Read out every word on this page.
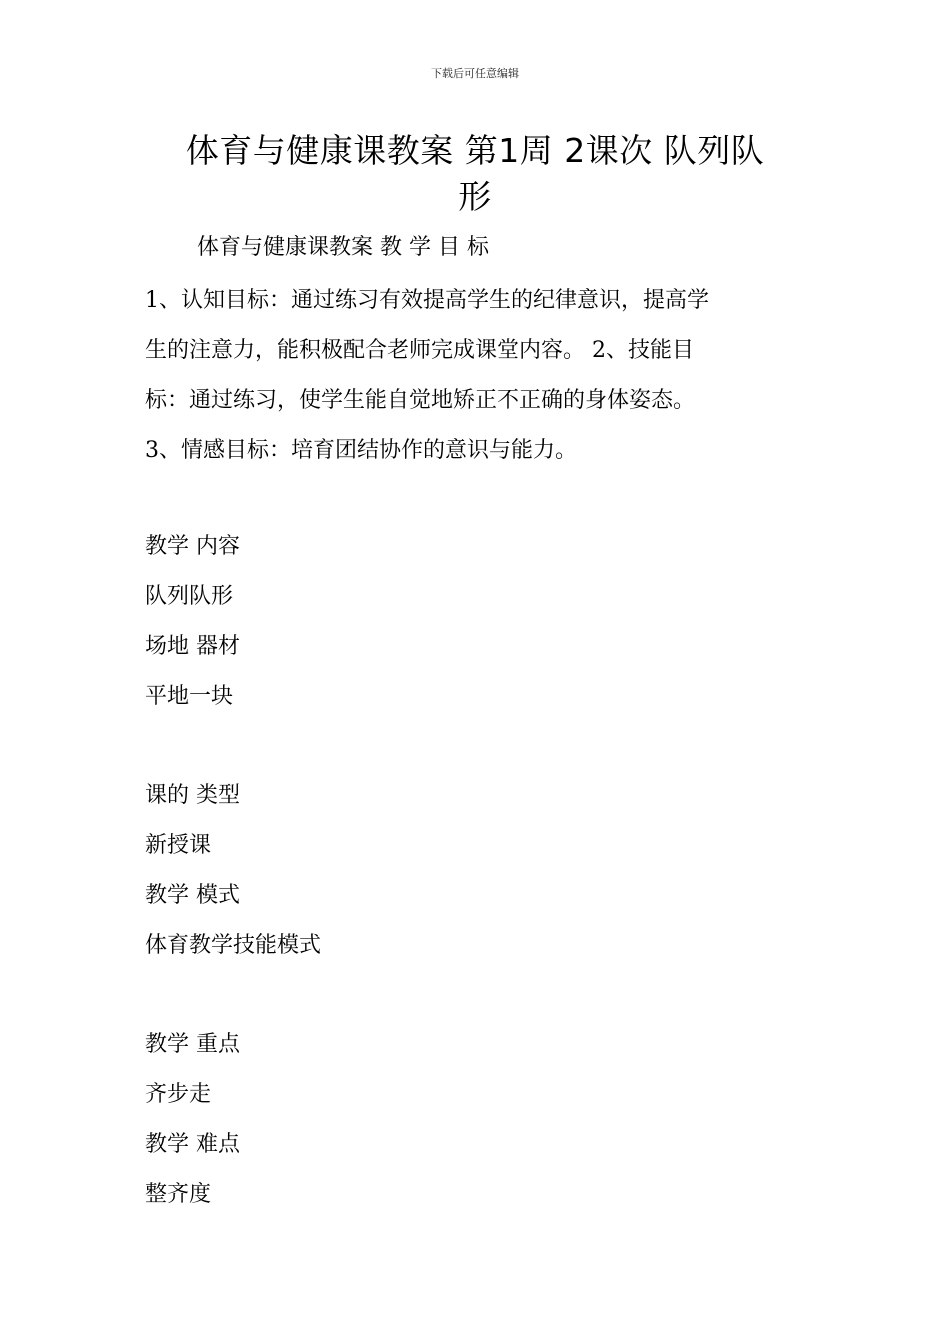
下载后可任意编辑
体育与健康课教案 第1周 2课次 队列队
形
体育与健康课教案 教 学 目 标
1、认知目标：通过练习有效提高学生的纪律意识，提高学
生的注意力，能积极配合老师完成课堂内容。 2、技能目
标：通过练习，使学生能自觉地矫正不正确的身体姿态。
3、情感目标：培育团结协作的意识与能力。
教学 内容
队列队形
场地 器材
平地一块
课的 类型
新授课
教学 模式
体育教学技能模式
教学 重点
齐步走
教学 难点
整齐度
